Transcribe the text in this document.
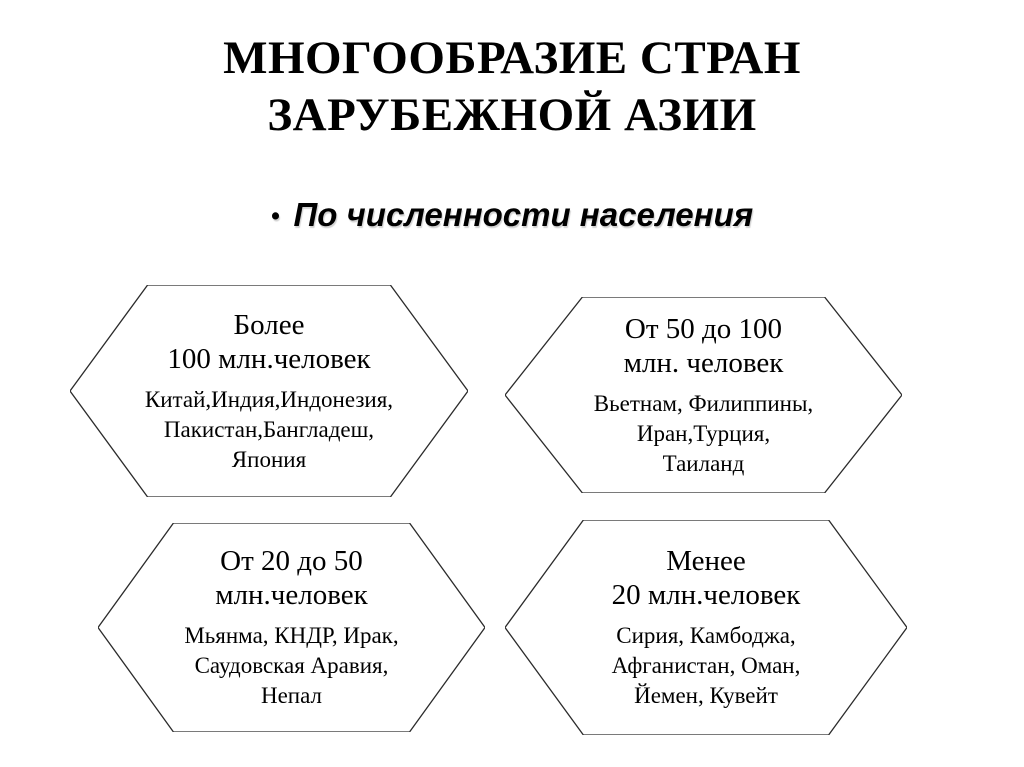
МНОГООБРАЗИЕ СТРАН
ЗАРУБЕЖНОЙ АЗИИ
• По численности населения
Более
100 млн.человек
Китай,Индия,Индонезия,
Пакистан,Бангладеш,
Япония
От 50 до 100
млн. человек
Вьетнам, Филиппины,
Иран,Турция,
Таиланд
От 20 до 50
млн.человек
Мьянма, КНДР, Ирак,
Саудовская Аравия,
Непал
Менее
20 млн.человек
Сирия, Камбоджа,
Афганистан, Оман,
Йемен, Кувейт
